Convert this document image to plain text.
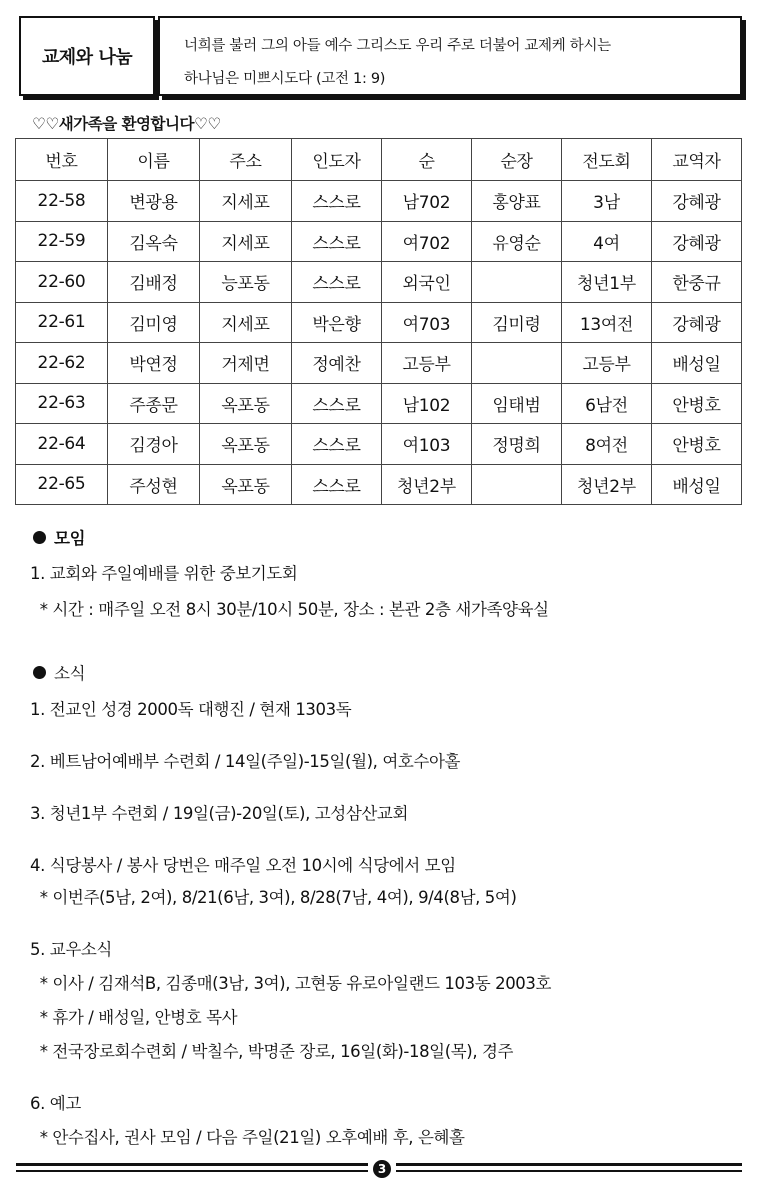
교제와 나눔
너희를 불러 그의 아들 예수 그리스도 우리 주로 더불어 교제케 하시는
하나님은 미쁘시도다 (고전 1: 9)
♡♡새가족을 환영합니다♡♡
번호	이름	주소	인도자	순	순장	전도회	교역자
22-58	변광용	지세포	스스로	남702	홍양표	3남	강혜광
22-59	김옥숙	지세포	스스로	여702	유영순	4여	강혜광
22-60	김배정	능포동	스스로	외국인		청년1부	한중규
22-61	김미영	지세포	박은향	여703	김미령	13여전	강혜광
22-62	박연정	거제면	정예찬	고등부		고등부	배성일
22-63	주종문	옥포동	스스로	남102	임태범	6남전	안병호
22-64	김경아	옥포동	스스로	여103	정명희	8여전	안병호
22-65	주성현	옥포동	스스로	청년2부		청년2부	배성일
모임
1. 교회와 주일예배를 위한 중보기도회
* 시간 : 매주일 오전 8시 30분/10시 50분, 장소 : 본관 2층 새가족양육실
소식
1. 전교인 성경 2000독 대행진 / 현재 1303독
2. 베트남어예배부 수련회 / 14일(주일)-15일(월), 여호수아홀
3. 청년1부 수련회 / 19일(금)-20일(토), 고성삼산교회
4. 식당봉사 / 봉사 당번은 매주일 오전 10시에 식당에서 모임
* 이번주(5남, 2여), 8/21(6남, 3여), 8/28(7남, 4여), 9/4(8남, 5여)
5. 교우소식
* 이사 / 김재석B, 김종매(3남, 3여), 고현동 유로아일랜드 103동 2003호
* 휴가 / 배성일, 안병호 목사
* 전국장로회수련회 / 박칠수, 박명준 장로, 16일(화)-18일(목), 경주
6. 예고
* 안수집사, 권사 모임 / 다음 주일(21일) 오후예배 후, 은혜홀
3
